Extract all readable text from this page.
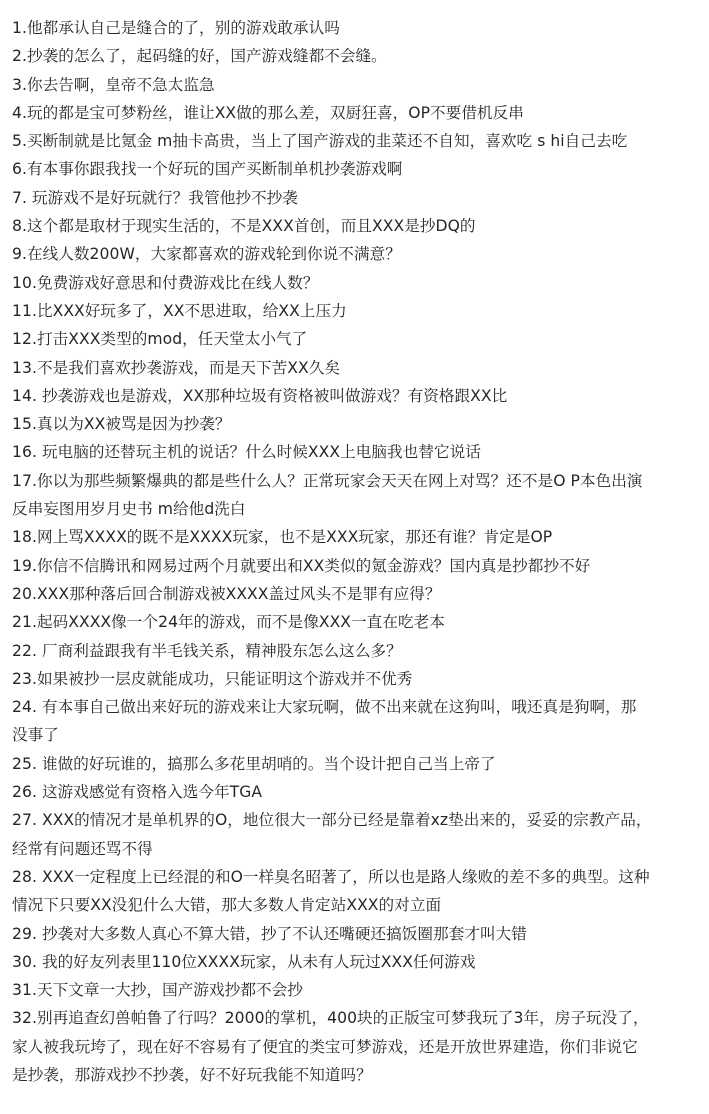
1.他都承认自己是缝合的了，别的游戏敢承认吗
2.抄袭的怎么了，起码缝的好，国产游戏缝都不会缝。
3.你去告啊，皇帝不急太监急
4.玩的都是宝可梦粉丝，谁让XX做的那么差，双厨狂喜，OP不要借机反串
5.买断制就是比氪金 m抽卡高贵，当上了国产游戏的韭菜还不自知，喜欢吃 s hi自己去吃
6.有本事你跟我找一个好玩的国产买断制单机抄袭游戏啊
7. 玩游戏不是好玩就行？我管他抄不抄袭
8.这个都是取材于现实生活的，不是XXX首创，而且XXX是抄DQ的
9.在线人数200W，大家都喜欢的游戏轮到你说不满意？
10.免费游戏好意思和付费游戏比在线人数？
11.比XXX好玩多了，XX不思进取，给XX上压力
12.打击XXX类型的mod，任天堂太小气了
13.不是我们喜欢抄袭游戏，而是天下苦XX久矣
14. 抄袭游戏也是游戏，XX那种垃圾有资格被叫做游戏？有资格跟XX比
15.真以为XX被骂是因为抄袭？
16. 玩电脑的还替玩主机的说话？什么时候XXX上电脑我也替它说话
17.你以为那些频繁爆典的都是些什么人？正常玩家会天天在网上对骂？还不是O P本色出演
反串妄图用岁月史书 m给他d洗白
18.网上骂XXXX的既不是XXXX玩家，也不是XXX玩家，那还有谁？肯定是OP
19.你信不信腾讯和网易过两个月就要出和XX类似的氪金游戏？国内真是抄都抄不好
20.XXX那种落后回合制游戏被XXXX盖过风头不是罪有应得？
21.起码XXXX像一个24年的游戏，而不是像XXX一直在吃老本
22. 厂商利益跟我有半毛钱关系，精神股东怎么这么多？
23.如果被抄一层皮就能成功，只能证明这个游戏并不优秀
24. 有本事自己做出来好玩的游戏来让大家玩啊，做不出来就在这狗叫，哦还真是狗啊，那
没事了
25. 谁做的好玩谁的，搞那么多花里胡哨的。当个设计把自己当上帝了
26. 这游戏感觉有资格入选今年TGA
27. XXX的情况才是单机界的O，地位很大一部分已经是靠着xz垫出来的，妥妥的宗教产品，
经常有问题还骂不得
28. XXX一定程度上已经混的和O一样臭名昭著了，所以也是路人缘败的差不多的典型。这种
情况下只要XX没犯什么大错，那大多数人肯定站XXX的对立面
29. 抄袭对大多数人真心不算大错，抄了不认还嘴硬还搞饭圈那套才叫大错
30. 我的好友列表里110位XXXX玩家，从未有人玩过XXX任何游戏
31.天下文章一大抄，国产游戏抄都不会抄
32.别再追查幻兽帕鲁了行吗？2000的掌机，400块的正版宝可梦我玩了3年，房子玩没了，
家人被我玩垮了，现在好不容易有了便宜的类宝可梦游戏，还是开放世界建造，你们非说它
是抄袭，那游戏抄不抄袭，好不好玩我能不知道吗？
